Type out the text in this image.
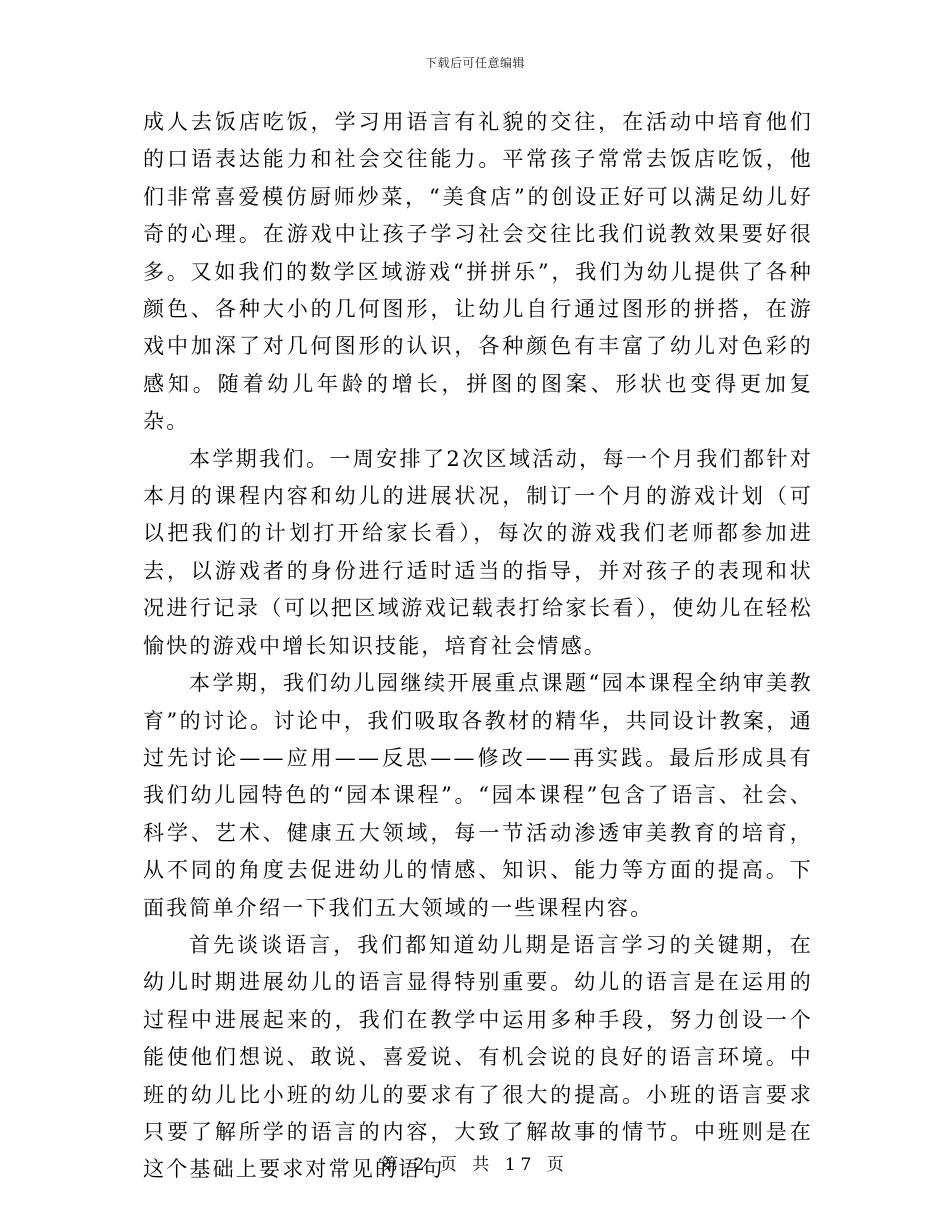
下载后可任意编辑

成人去饭店吃饭，学习用语言有礼貌的交往，在活动中培育他们的口语表达能力和社会交往能力。平常孩子常常去饭店吃饭，他们非常喜爱模仿厨师炒菜，“美食店”的创设正好可以满足幼儿好奇的心理。在游戏中让孩子学习社会交往比我们说教效果要好很多。又如我们的数学区域游戏“拼拼乐”，我们为幼儿提供了各种颜色、各种大小的几何图形，让幼儿自行通过图形的拼搭，在游戏中加深了对几何图形的认识，各种颜色有丰富了幼儿对色彩的感知。随着幼儿年龄的增长，拼图的图案、形状也变得更加复杂。

本学期我们。一周安排了2次区域活动，每一个月我们都针对本月的课程内容和幼儿的进展状况，制订一个月的游戏计划（可以把我们的计划打开给家长看），每次的游戏我们老师都参加进去，以游戏者的身份进行适时适当的指导，并对孩子的表现和状况进行记录（可以把区域游戏记载表打给家长看），使幼儿在轻松愉快的游戏中增长知识技能，培育社会情感。

本学期，我们幼儿园继续开展重点课题“园本课程全纳审美教育”的讨论。讨论中，我们吸取各教材的精华，共同设计教案，通过先讨论——应用——反思——修改——再实践。最后形成具有我们幼儿园特色的“园本课程”。“园本课程”包含了语言、社会、科学、艺术、健康五大领域，每一节活动渗透审美教育的培育，从不同的角度去促进幼儿的情感、知识、能力等方面的提高。下面我简单介绍一下我们五大领域的一些课程内容。

首先谈谈语言，我们都知道幼儿期是语言学习的关键期，在幼儿时期进展幼儿的语言显得特别重要。幼儿的语言是在运用的过程中进展起来的，我们在教学中运用多种手段，努力创设一个能使他们想说、敢说、喜爱说、有机会说的良好的语言环境。中班的幼儿比小班的幼儿的要求有了很大的提高。小班的语言要求只要了解所学的语言的内容，大致了解故事的情节。中班则是在这个基础上要求对常见的语句

第 2 页 共 17 页
